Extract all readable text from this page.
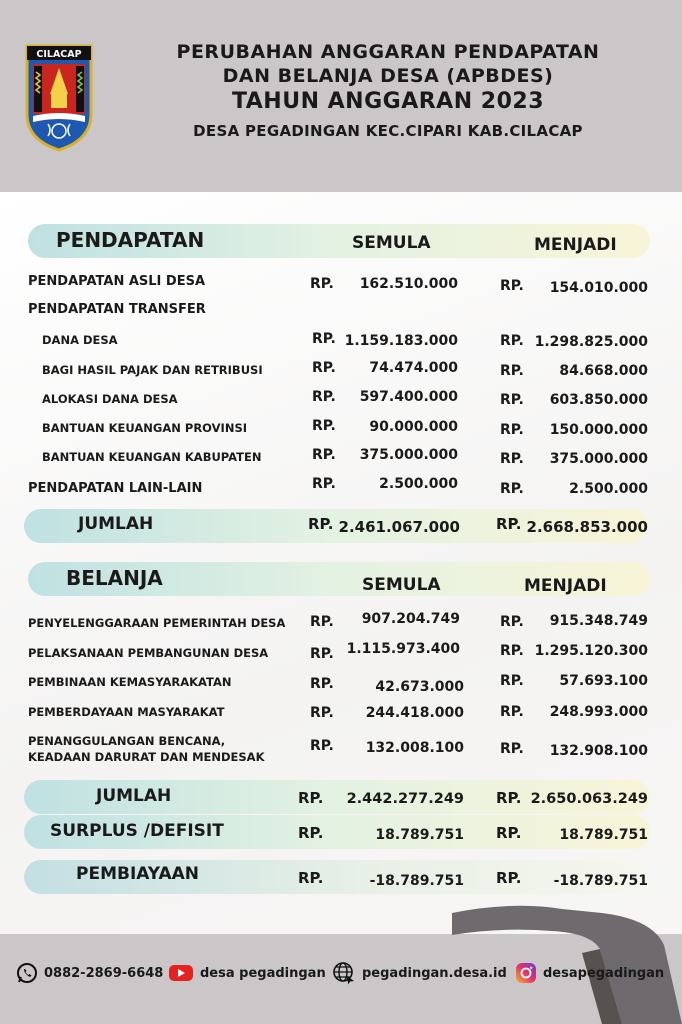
CILACAP	PERUBAHAN ANGGARAN PENDAPATAN
DAN BELANJA DESA (APBDES)
TAHUN ANGGARAN 2023
DESA PEGADINGAN KEC.CIPARI KAB.CILACAP
PENDAPATAN	SEMULA	MENJADI
PENDAPATAN ASLI DESA	RP. 162.510.000	RP. 154.010.000
PENDAPATAN TRANSFER
DANA DESA	RP. 1.159.183.000	RP. 1.298.825.000
BAGI HASIL PAJAK DAN RETRIBUSI	RP. 74.474.000	RP.	84.668.000
ALOKASI DANA DESA	RP. 597.400.000	RP. 603.850.000
BANTUAN KEUANGAN PROVINSI	RP. 90.000.000	RP. 150.000.000
BANTUAN KEUANGAN KABUPATEN	RP. 375.000.000	RP. 375.000.000
PENDAPATAN LAIN-LAIN	RP.	2.500.000	RP.	2.500.000
JUMLAH	RP. 2.461.067.000 RP. 2.668.853.000
BELANJA	SEMULA	MENJADI
PENYELENGGARAAN PEMERINTAH DESA RP. 907.204.749	RP. 915.348.749
PELAKSANAAN PEMBANGUNAN DESA	RP. 1.115.973.400	RP. 1.295.120.300
PEMBINAAN KEMASYARAKATAN	RP.	42.673.000	RP.	57.693.100
PEMBERDAYAAN MASYARAKAT	RP. 244.418.000	RP. 248.993.000
PENANGGULANGAN BENCANA,
KEADAAN DARURAT DAN MENDESAK
RP. 132.008.100	RP. 132.908.100
JUMLAH	RP. 2.442.277.249 RP. 2.650.063.249
SURPLUS /DEFISIT	RP.	18.789.751 RP.	18.789.751
PEMBIAYAAN	RP.	-18.789.751 RP. -18.789.751
0882-2869-6648	desa pegadingan	pegadingan.desa.id	desapegadingan
